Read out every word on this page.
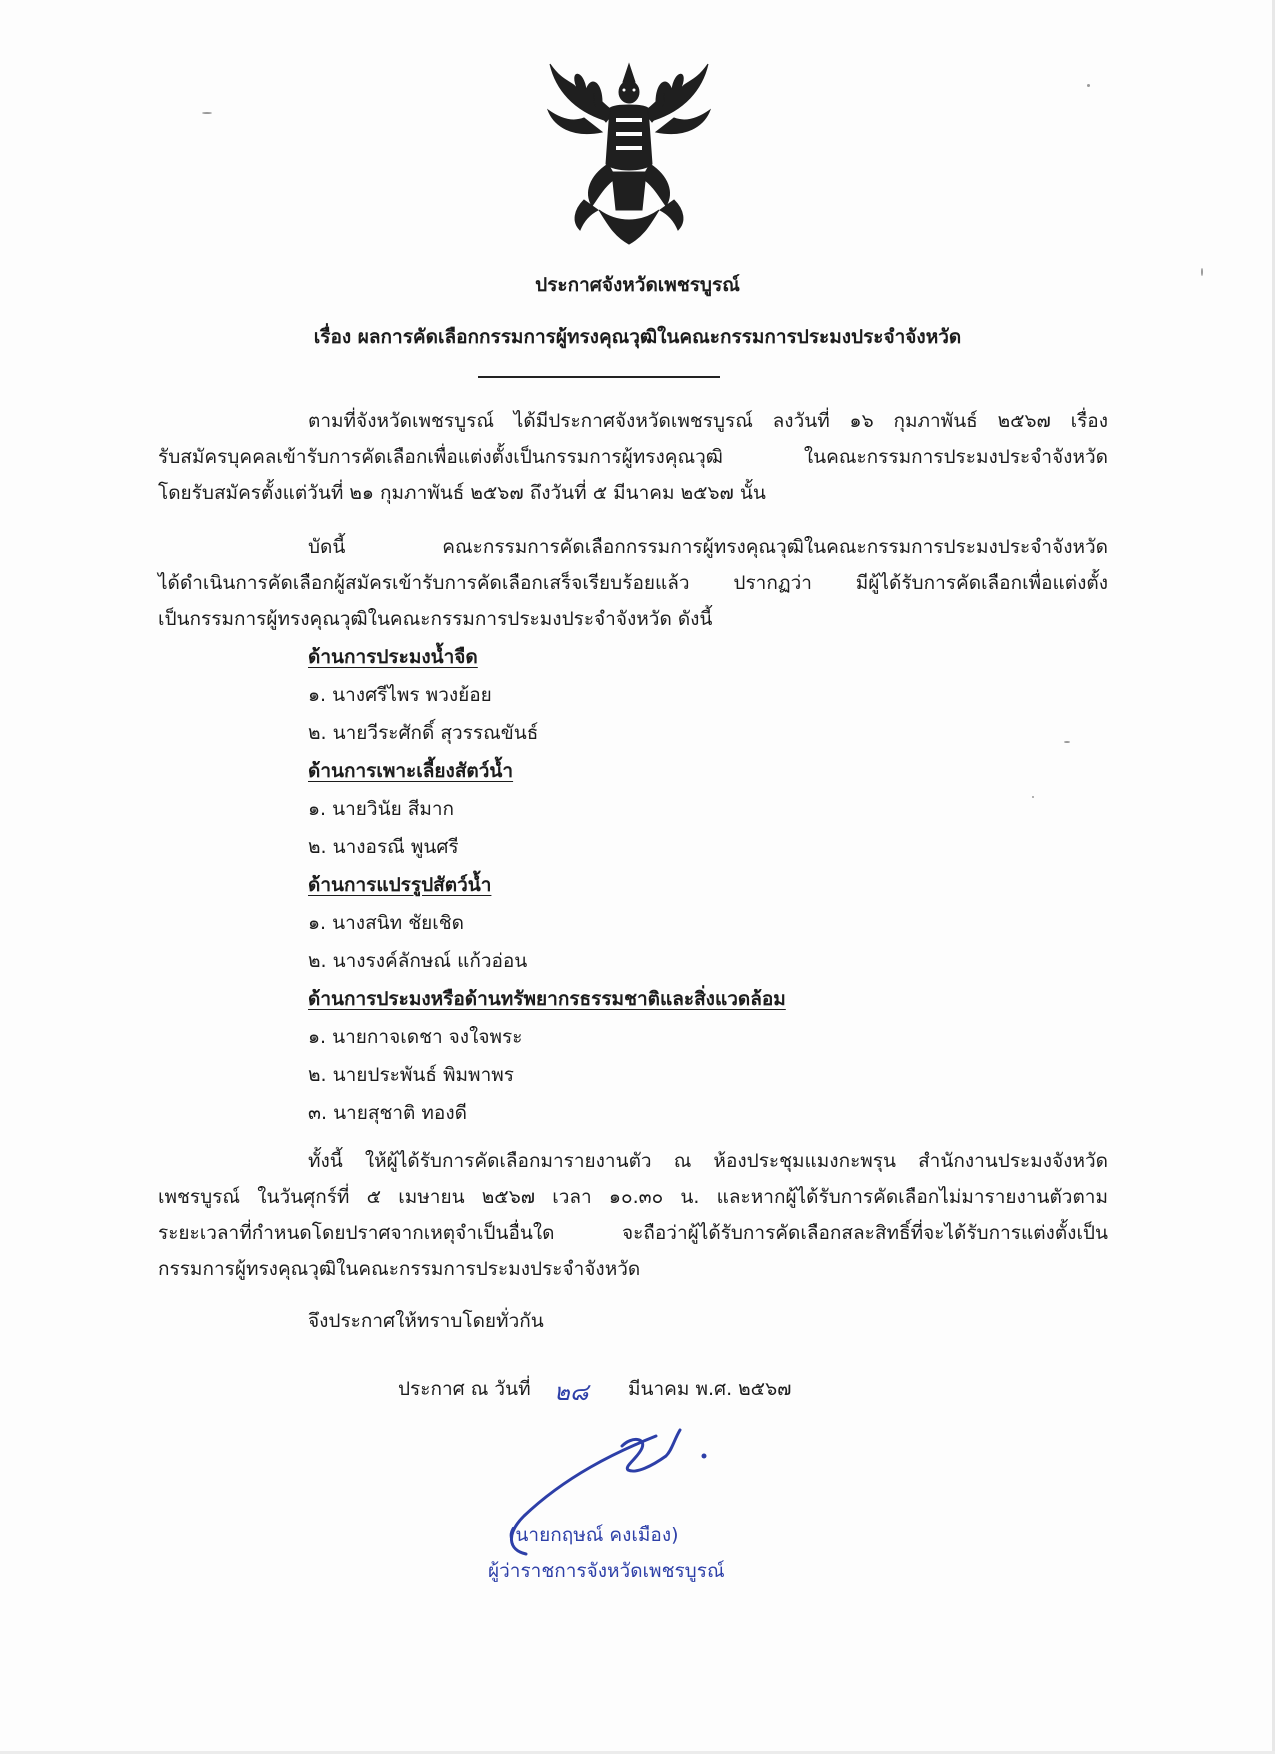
ประกาศจังหวัดเพชรบูรณ์
เรื่อง ผลการคัดเลือกกรรมการผู้ทรงคุณวุฒิในคณะกรรมการประมงประจำจังหวัด
ตามที่จังหวัดเพชรบูรณ์ ได้มีประกาศจังหวัดเพชรบูรณ์ ลงวันที่ ๑๖ กุมภาพันธ์ ๒๕๖๗ เรื่อง
รับสมัครบุคคลเข้ารับการคัดเลือกเพื่อแต่งตั้งเป็นกรรมการผู้ทรงคุณวุฒิ ในคณะกรรมการประมงประจำจังหวัด
โดยรับสมัครตั้งแต่วันที่ ๒๑ กุมภาพันธ์ ๒๕๖๗ ถึงวันที่ ๕ มีนาคม ๒๕๖๗ นั้น
บัดนี้ คณะกรรมการคัดเลือกกรรมการผู้ทรงคุณวุฒิในคณะกรรมการประมงประจำจังหวัด
ได้ดำเนินการคัดเลือกผู้สมัครเข้ารับการคัดเลือกเสร็จเรียบร้อยแล้ว ปรากฏว่า มีผู้ได้รับการคัดเลือกเพื่อแต่งตั้ง
เป็นกรรมการผู้ทรงคุณวุฒิในคณะกรรมการประมงประจำจังหวัด ดังนี้
ด้านการประมงน้ำจืด
๑. นางศรีไพร พวงย้อย
๒. นายวีระศักดิ์ สุวรรณขันธ์
ด้านการเพาะเลี้ยงสัตว์น้ำ
๑. นายวินัย สีมาก
๒. นางอรณี พูนศรี
ด้านการแปรรูปสัตว์น้ำ
๑. นางสนิท ชัยเชิด
๒. นางรงค์ลักษณ์ แก้วอ่อน
ด้านการประมงหรือด้านทรัพยากรธรรมชาติและสิ่งแวดล้อม
๑. นายกาจเดชา จงใจพระ
๒. นายประพันธ์ พิมพาพร
๓. นายสุชาติ ทองดี
ทั้งนี้ ให้ผู้ได้รับการคัดเลือกมารายงานตัว ณ ห้องประชุมแมงกะพรุน สำนักงานประมงจังหวัด
เพชรบูรณ์ ในวันศุกร์ที่ ๕ เมษายน ๒๕๖๗ เวลา ๑๐.๓๐ น. และหากผู้ได้รับการคัดเลือกไม่มารายงานตัวตาม
ระยะเวลาที่กำหนดโดยปราศจากเหตุจำเป็นอื่นใด จะถือว่าผู้ได้รับการคัดเลือกสละสิทธิ์ที่จะได้รับการแต่งตั้งเป็น
กรรมการผู้ทรงคุณวุฒิในคณะกรรมการประมงประจำจังหวัด
จึงประกาศให้ทราบโดยทั่วกัน
ประกาศ ณ วันที่ ๒๘ มีนาคม พ.ศ. ๒๕๖๗
(นายกฤษณ์ คงเมือง)
ผู้ว่าราชการจังหวัดเพชรบูรณ์
